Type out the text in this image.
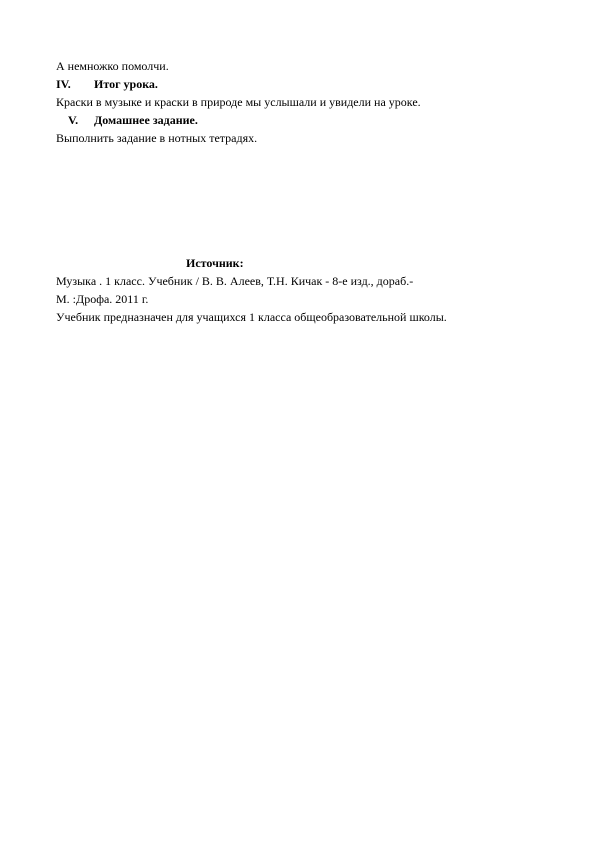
А немножко помолчи.
IV. Итог урока.
Краски в музыке и краски в природе мы услышали и увидели на уроке.
V. Домашнее задание.
Выполнить задание в нотных тетрадях.
Источник:
Музыка . 1 класс. Учебник / В. В. Алеев, Т.Н. Кичак - 8-е изд., дораб.-
М. :Дрофа. 2011 г.
Учебник предназначен для учащихся 1 класса общеобразовательной школы.
